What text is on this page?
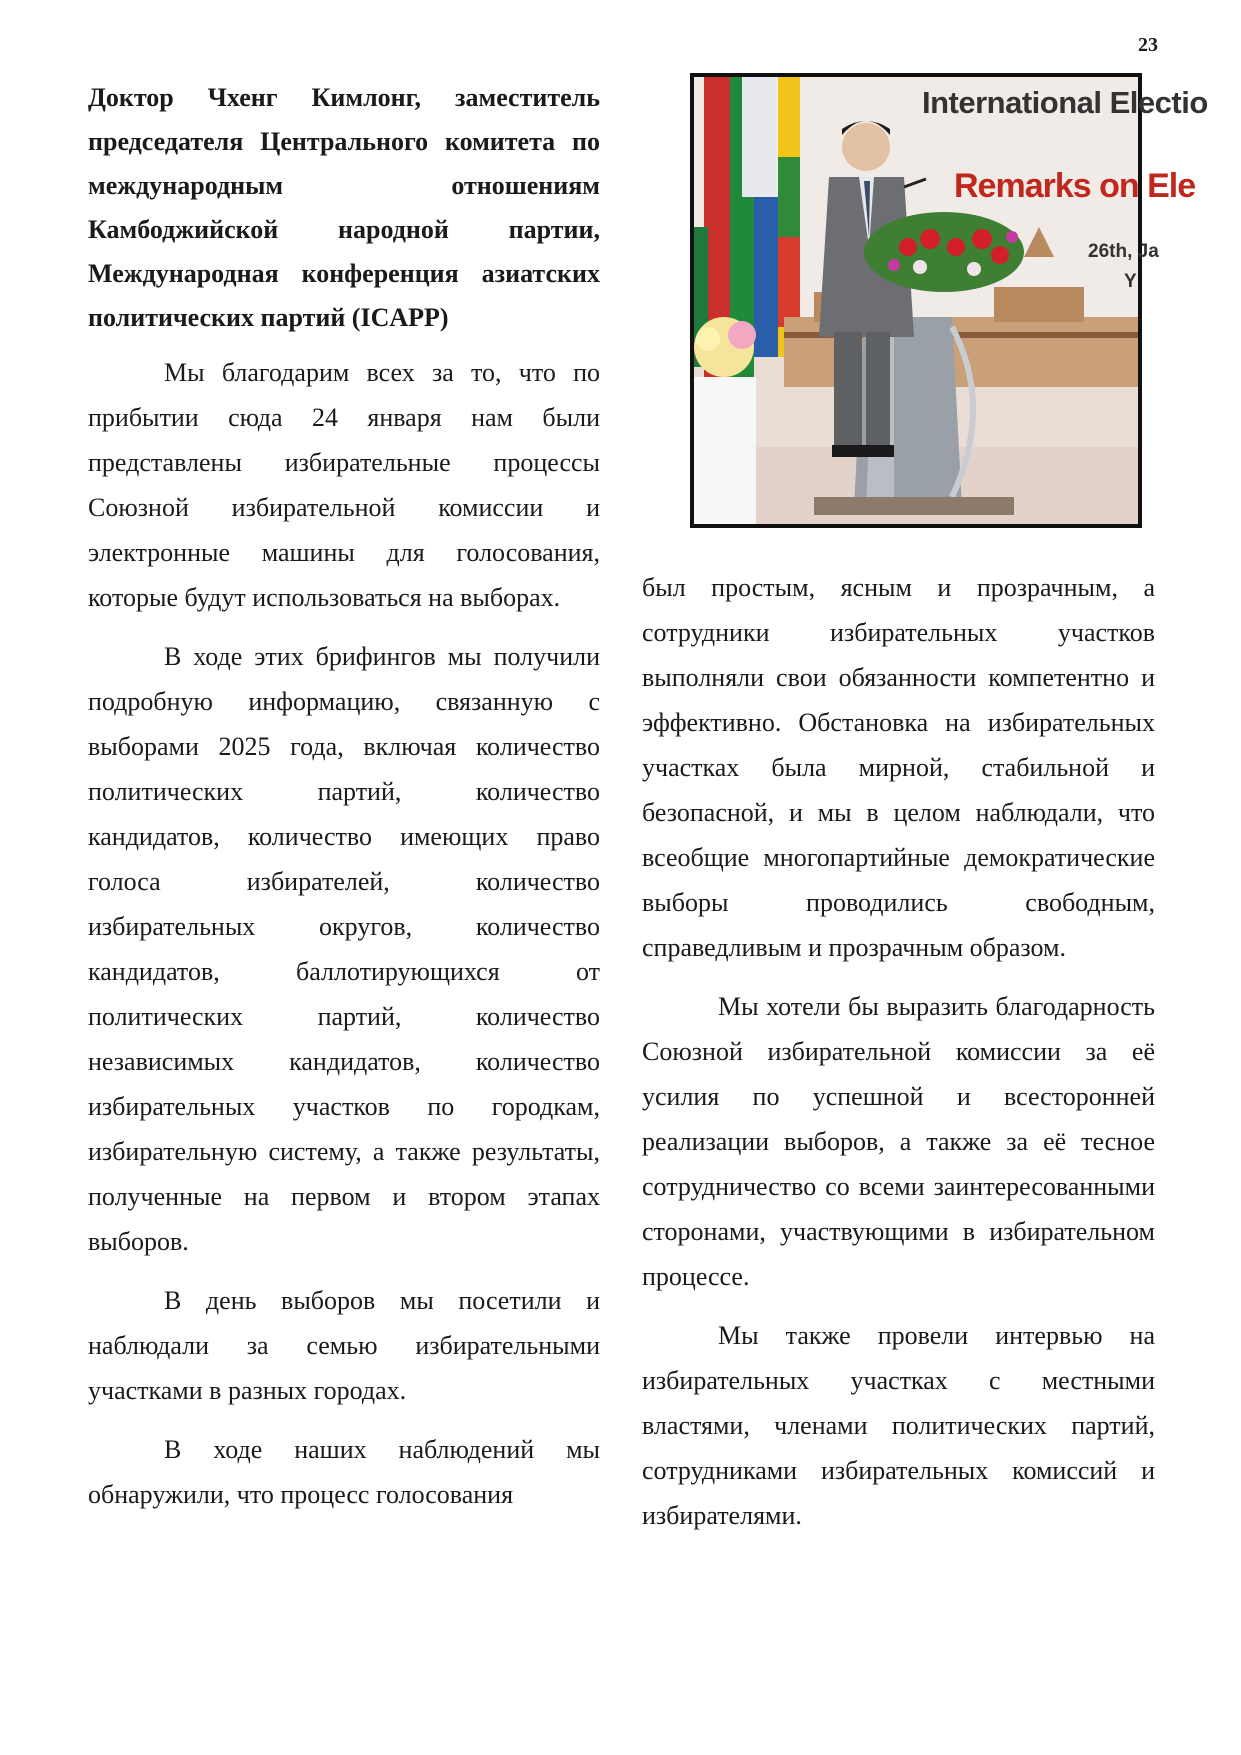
23

Доктор Чхенг Кимлонг, заместитель председателя Центрального комитета по международным отношениям Камбоджийской народной партии, Международная конференция азиатских политических партий (ICAPP)

Мы благодарим всех за то, что по прибытии сюда 24 января нам были представлены избирательные процессы Союзной избирательной комиссии и электронные машины для голосования, которые будут использоваться на выборах.

В ходе этих брифингов мы получили подробную информацию, связанную с выборами 2025 года, включая количество политических партий, количество кандидатов, количество имеющих право голоса избирателей, количество избирательных округов, количество кандидатов, баллотирующихся от политических партий, количество независимых кандидатов, количество избирательных участков по городкам, избирательную систему, а также результаты, полученные на первом и втором этапах выборов.

В день выборов мы посетили и наблюдали за семью избирательными участками в разных городах.

В ходе наших наблюдений мы обнаружили, что процесс голосования

International Electio
Remarks on Ele
26th, Ja
Y

был простым, ясным и прозрачным, а сотрудники избирательных участков выполняли свои обязанности компетентно и эффективно. Обстановка на избирательных участках была мирной, стабильной и безопасной, и мы в целом наблюдали, что всеобщие многопартийные демократические выборы проводились свободным, справедливым и прозрачным образом.

Мы хотели бы выразить благодарность Союзной избирательной комиссии за её усилия по успешной и всесторонней реализации выборов, а также за её тесное сотрудничество со всеми заинтересованными сторонами, участвующими в избирательном процессе.

Мы также провели интервью на избирательных участках с местными властями, членами политических партий, сотрудниками избирательных комиссий и избирателями.
